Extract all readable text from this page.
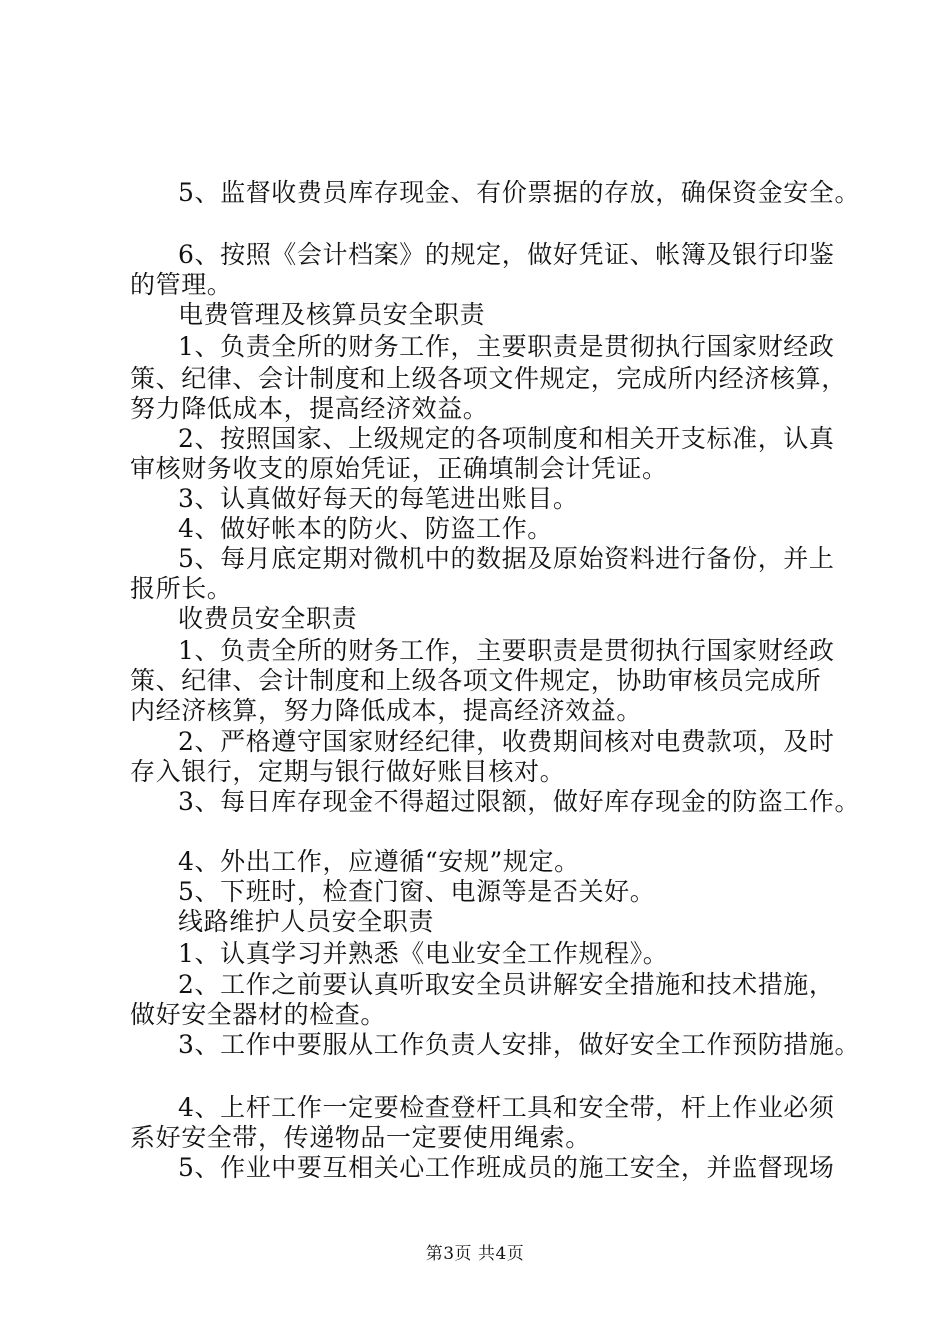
5、监督收费员库存现金、有价票据的存放，确保资金安全。
6、按照《会计档案》的规定，做好凭证、帐簿及银行印鉴
的管理。
电费管理及核算员安全职责
1、负责全所的财务工作，主要职责是贯彻执行国家财经政
策、纪律、会计制度和上级各项文件规定，完成所内经济核算，
努力降低成本，提高经济效益。
2、按照国家、上级规定的各项制度和相关开支标准，认真
审核财务收支的原始凭证，正确填制会计凭证。
3、认真做好每天的每笔进出账目。
4、做好帐本的防火、防盗工作。
5、每月底定期对微机中的数据及原始资料进行备份，并上
报所长。
收费员安全职责
1、负责全所的财务工作，主要职责是贯彻执行国家财经政
策、纪律、会计制度和上级各项文件规定，协助审核员完成所
内经济核算，努力降低成本，提高经济效益。
2、严格遵守国家财经纪律，收费期间核对电费款项，及时
存入银行，定期与银行做好账目核对。
3、每日库存现金不得超过限额，做好库存现金的防盗工作。
4、外出工作，应遵循“安规”规定。
5、下班时，检查门窗、电源等是否关好。
线路维护人员安全职责
1、认真学习并熟悉《电业安全工作规程》。
2、工作之前要认真听取安全员讲解安全措施和技术措施，
做好安全器材的检查。
3、工作中要服从工作负责人安排，做好安全工作预防措施。
4、上杆工作一定要检查登杆工具和安全带，杆上作业必须
系好安全带，传递物品一定要使用绳索。
5、作业中要互相关心工作班成员的施工安全，并监督现场
第3页 共4页
